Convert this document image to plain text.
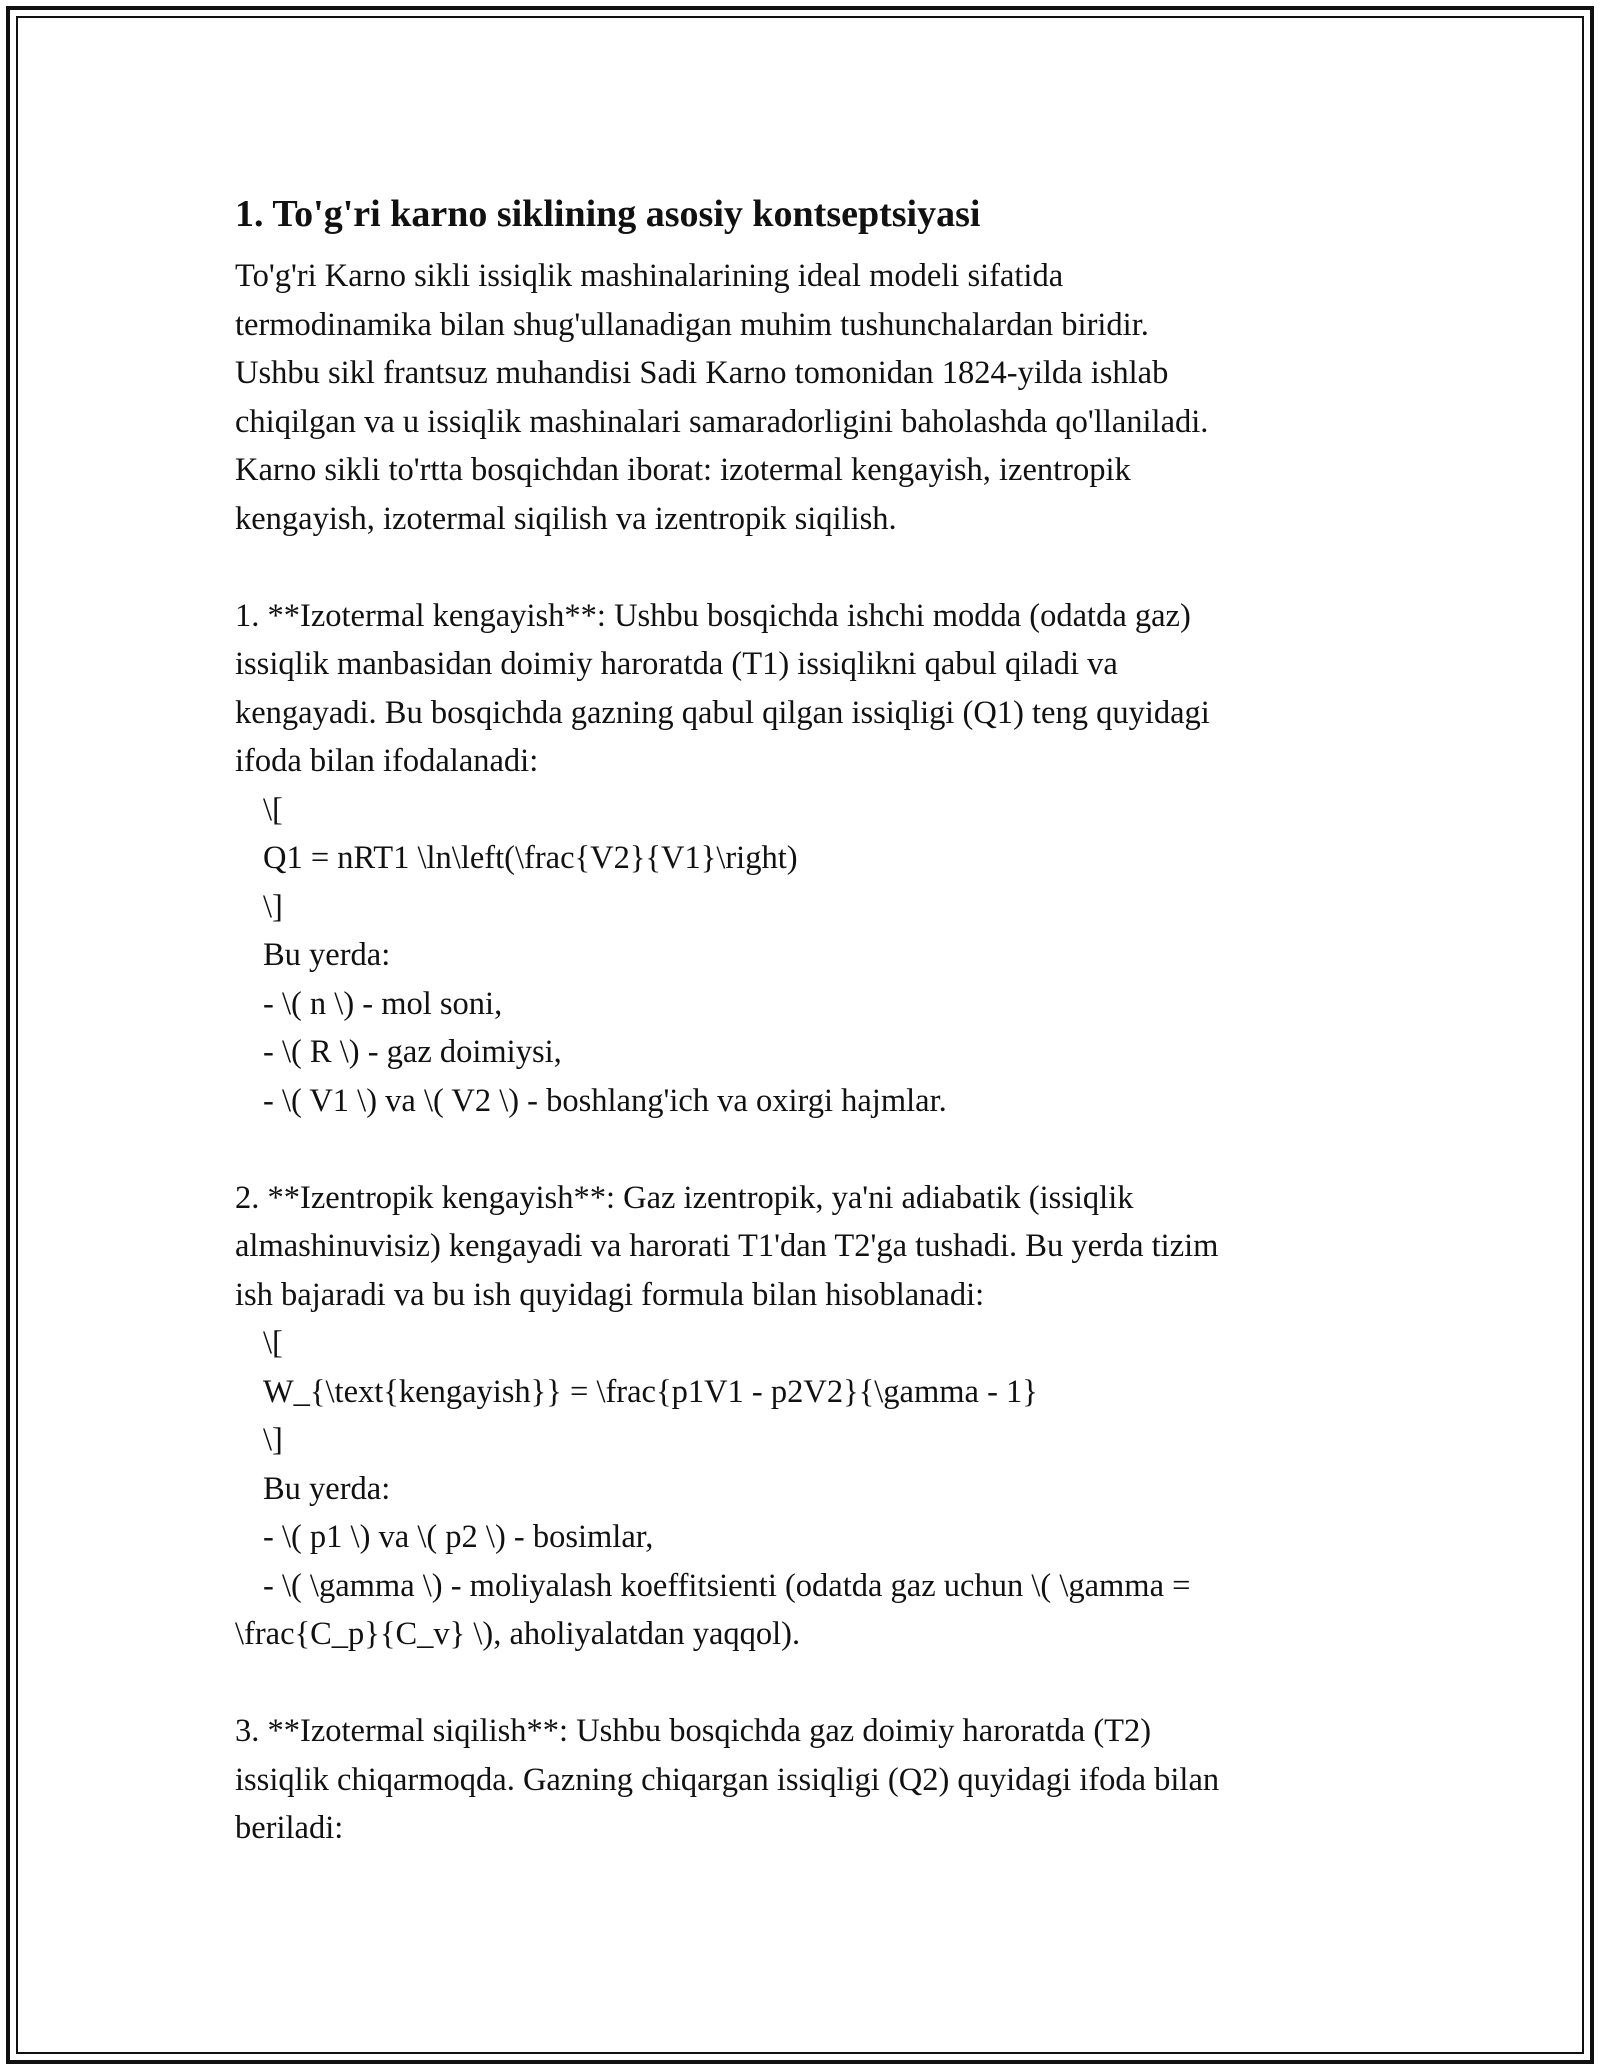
1. To'g'ri karno siklining asosiy kontseptsiyasi

To'g'ri Karno sikli issiqlik mashinalarining ideal modeli sifatida

termodinamika bilan shug'ullanadigan muhim tushunchalardan biridir.

Ushbu sikl frantsuz muhandisi Sadi Karno tomonidan 1824-yilda ishlab

chiqilgan va u issiqlik mashinalari samaradorligini baholashda qo'llaniladi.

Karno sikli to'rtta bosqichdan iborat: izotermal kengayish, izentropik

kengayish, izotermal siqilish va izentropik siqilish.

1. **Izotermal kengayish**: Ushbu bosqichda ishchi modda (odatda gaz)

issiqlik manbasidan doimiy haroratda (T1) issiqlikni qabul qiladi va

kengayadi. Bu bosqichda gazning qabul qilgan issiqligi (Q1) teng quyidagi

ifoda bilan ifodalanadi:

\[

Q1 = nRT1 \ln\left(\frac{V2}{V1}\right)

\]

Bu yerda:

- \( n \) - mol soni,

- \( R \) - gaz doimiysi,

- \( V1 \) va \( V2 \) - boshlang'ich va oxirgi hajmlar.

2. **Izentropik kengayish**: Gaz izentropik, ya'ni adiabatik (issiqlik

almashinuvisiz) kengayadi va harorati T1'dan T2'ga tushadi. Bu yerda tizim

ish bajaradi va bu ish quyidagi formula bilan hisoblanadi:

\[

W_{\text{kengayish}} = \frac{p1V1 - p2V2}{\gamma - 1}

\]

Bu yerda:

- \( p1 \) va \( p2 \) - bosimlar,

- \( \gamma \) - moliyalash koeffitsienti (odatda gaz uchun \( \gamma =

\frac{C_p}{C_v} \), aholiyalatdan yaqqol).

3. **Izotermal siqilish**: Ushbu bosqichda gaz doimiy haroratda (T2)

issiqlik chiqarmoqda. Gazning chiqargan issiqligi (Q2) quyidagi ifoda bilan

beriladi:
